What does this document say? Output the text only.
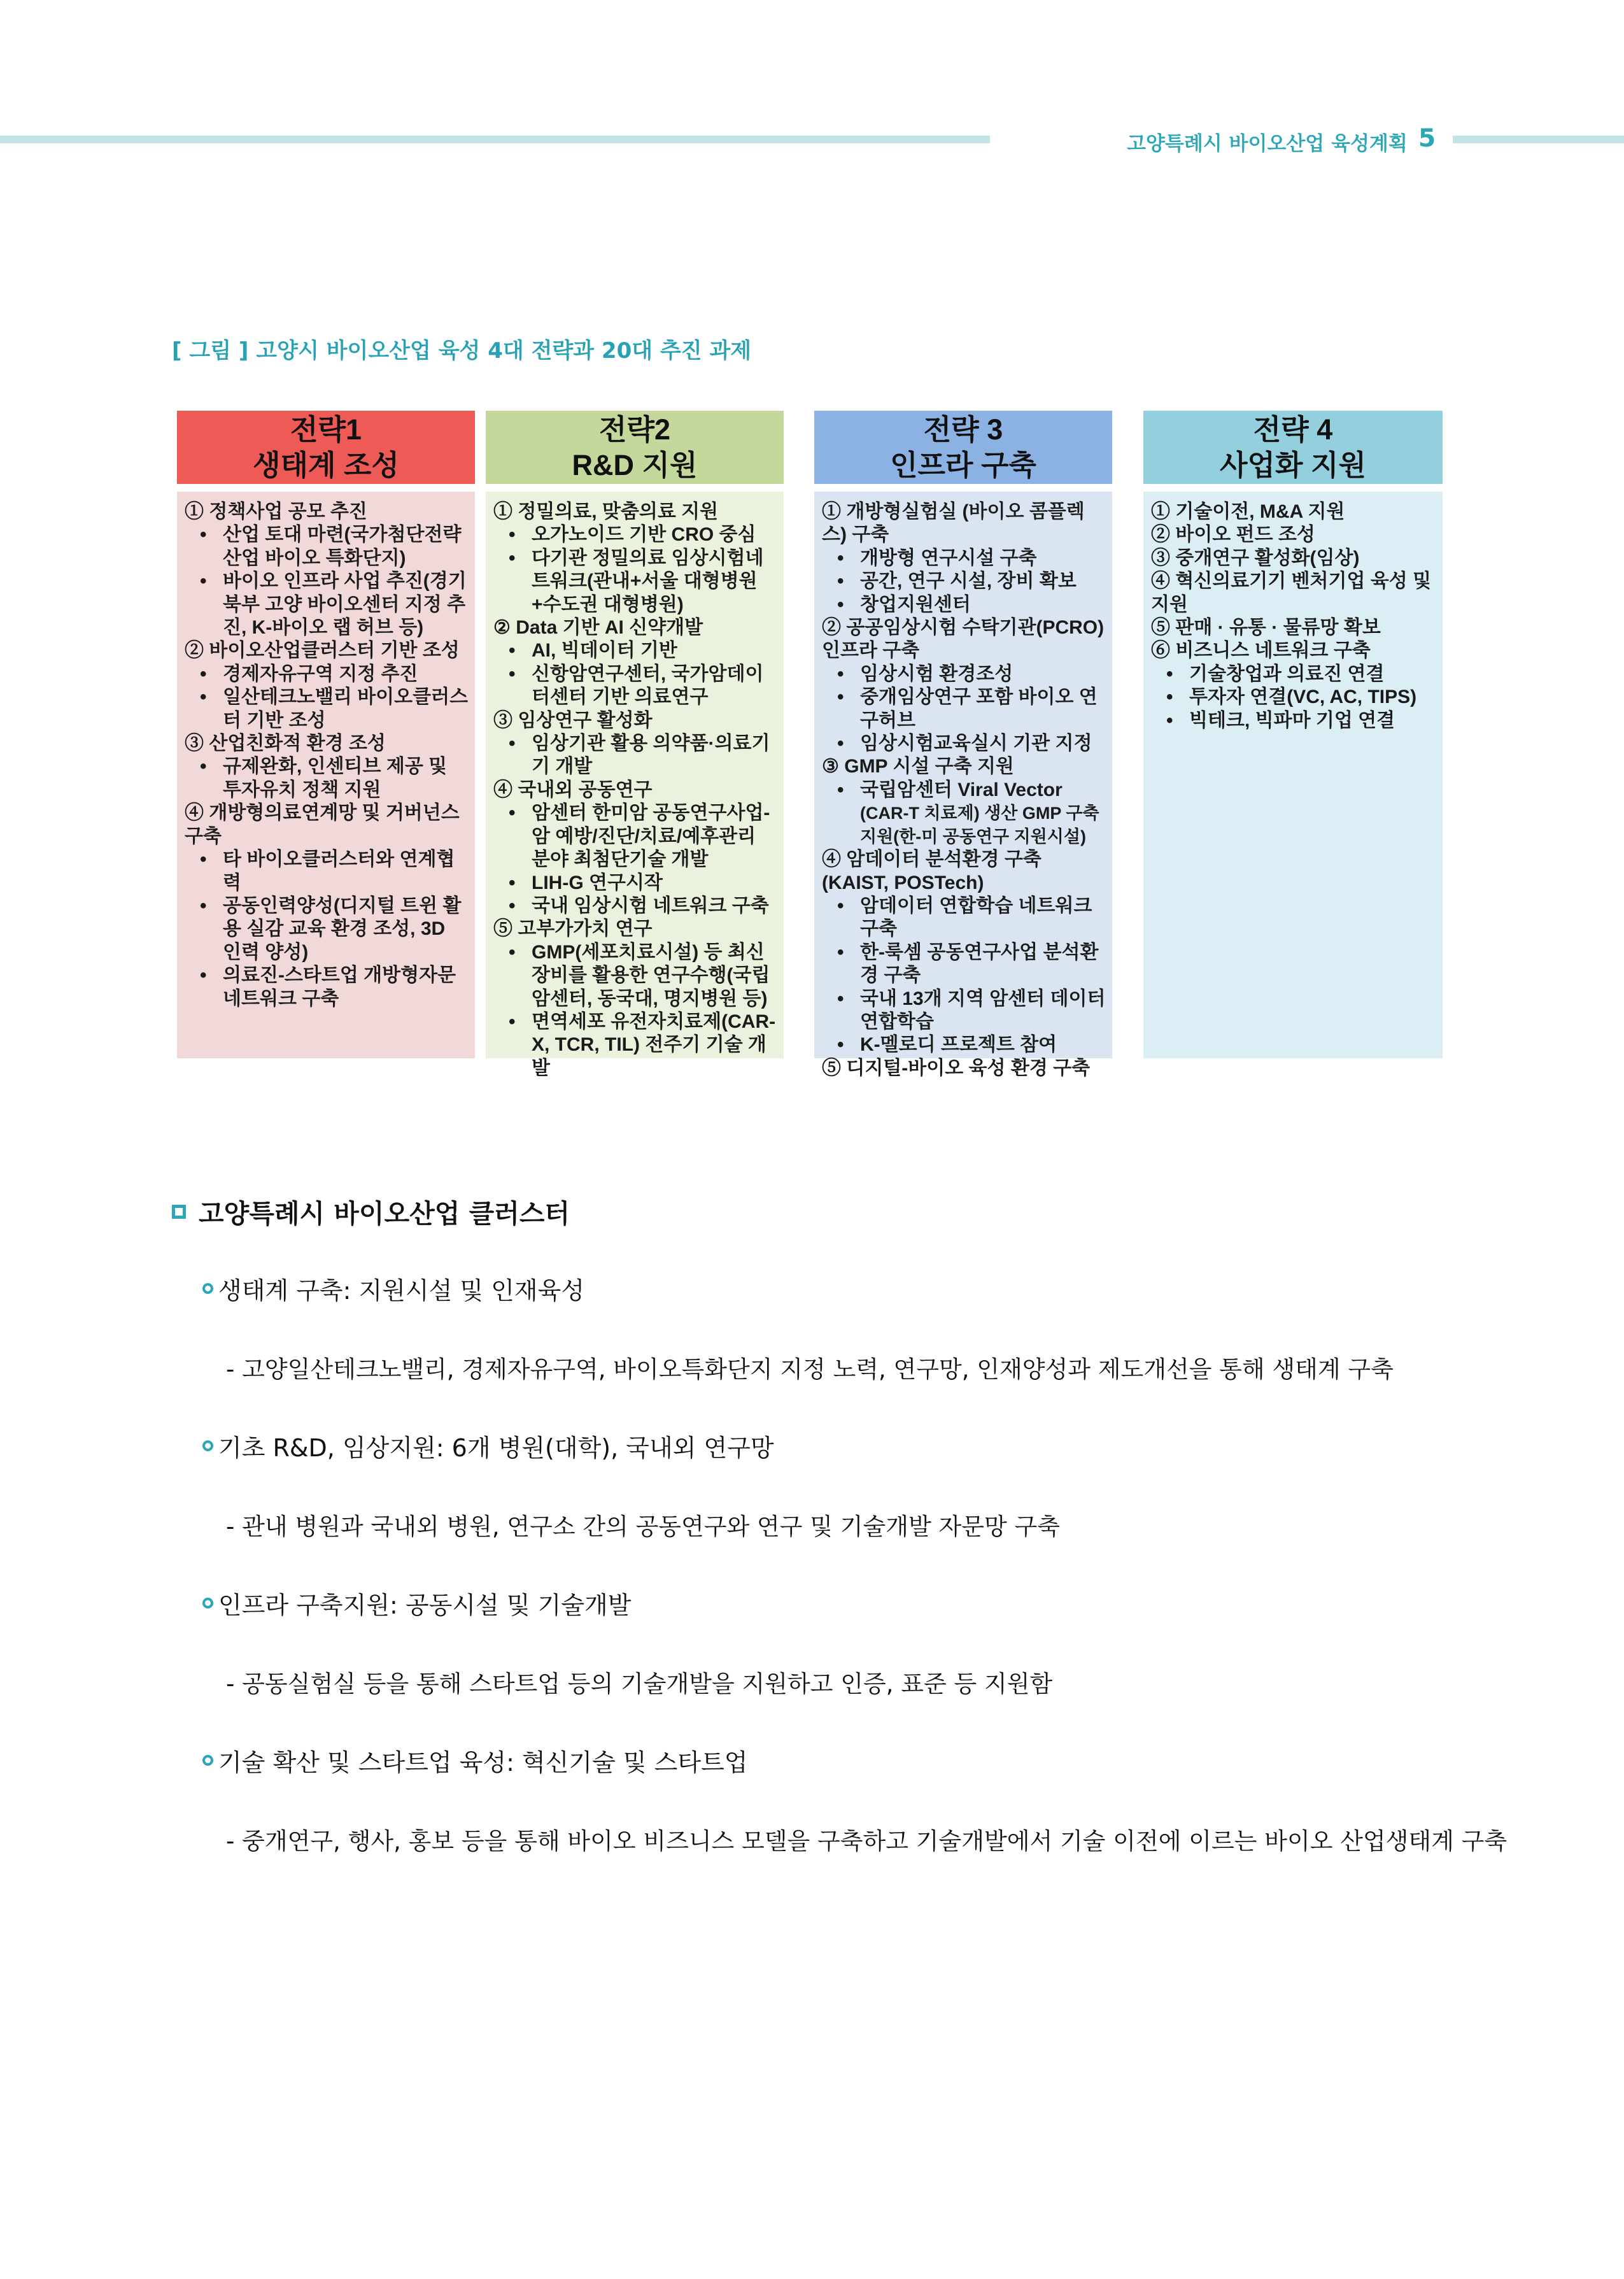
고양특례시 바이오산업 육성계획 5
[ 그림 ] 고양시 바이오산업 육성 4대 전략과 20대 추진 과제
전략1
생태계 조성

① 정책사업 공모 추진

• 산업 토대 마련(국가첨단전략 산업 바이오 특화단지)

• 바이오 인프라 사업 추진(경기 북부 고양 바이오센터 지정 추진, K-바이오 랩 허브 등)

② 바이오산업클러스터 기반 조성

• 경제자유구역 지정 추진

• 일산테크노밸리 바이오클러스터 기반 조성

③ 산업친화적 환경 조성

• 규제완화, 인센티브 제공 및 투자유치 정책 지원

④ 개방형의료연계망 및 거버넌스 구축

• 타 바이오클러스터와 연계협력

• 공동인력양성(디지털 트윈 활용 실감 교육 환경 조성, 3D 인력 양성)

• 의료진-스타트업 개방형자문 네트워크 구축

전략2
R&D 지원

① 정밀의료, 맞춤의료 지원

• 오가노이드 기반 CRO 중심

• 다기관 정밀의료 임상시험네트워크(관내+서울 대형병원+수도권 대형병원)

② Data 기반 AI 신약개발

• AI, 빅데이터 기반

• 신항암연구센터, 국가암데이터센터 기반 의료연구

③ 임상연구 활성화

• 임상기관 활용 의약품·의료기기 개발

④ 국내외 공동연구

• 암센터 한미암 공동연구사업-암 예방/진단/치료/예후관리 분야 최첨단기술 개발

• LIH-G 연구시작

• 국내 임상시험 네트워크 구축

⑤ 고부가가치 연구

• GMP(세포치료시설) 등 최신장비를 활용한 연구수행(국립암센터, 동국대, 명지병원 등)

• 면역세포 유전자치료제(CAR-X, TCR, TIL) 전주기 기술 개발

전략 3
인프라 구축

① 개방형실험실 (바이오 콤플렉스) 구축

• 개방형 연구시설 구축

• 공간, 연구 시설, 장비 확보

• 창업지원센터

② 공공임상시험 수탁기관(PCRO) 인프라 구축

• 임상시험 환경조성

• 중개임상연구 포함 바이오 연구허브

• 임상시험교육실시 기관 지정

③ GMP 시설 구축 지원

• 국립암센터 Viral Vector

(CAR-T 치료제) 생산 GMP 구축 지원(한-미 공동연구 지원시설)

④ 암데이터 분석환경 구축(KAIST, POSTech)

• 암데이터 연합학습 네트워크 구축

• 한-룩셈 공동연구사업 분석환경 구축

• 국내 13개 지역 암센터 데이터 연합학습

• K-멜로디 프로젝트 참여

⑤ 디지털-바이오 육성 환경 구축

전략 4
사업화 지원

① 기술이전, M&A 지원

② 바이오 펀드 조성

③ 중개연구 활성화(임상)

④ 혁신의료기기 벤처기업 육성 및 지원

⑤ 판매 · 유통 · 물류망 확보

⑥ 비즈니스 네트워크 구축

• 기술창업과 의료진 연결

• 투자자 연결(VC, AC, TIPS)

• 빅테크, 빅파마 기업 연결

고양특례시 바이오산업 클러스터
생태계 구축: 지원시설 및 인재육성
- 고양일산테크노밸리, 경제자유구역, 바이오특화단지 지정 노력, 연구망, 인재양성과 제도개선을 통해 생태계 구축
기초 R&D, 임상지원: 6개 병원(대학), 국내외 연구망
- 관내 병원과 국내외 병원, 연구소 간의 공동연구와 연구 및 기술개발 자문망 구축
인프라 구축지원: 공동시설 및 기술개발
- 공동실험실 등을 통해 스타트업 등의 기술개발을 지원하고 인증, 표준 등 지원함
기술 확산 및 스타트업 육성: 혁신기술 및 스타트업
- 중개연구, 행사, 홍보 등을 통해 바이오 비즈니스 모델을 구축하고 기술개발에서 기술 이전에 이르는 바이오 산업생태계 구축
